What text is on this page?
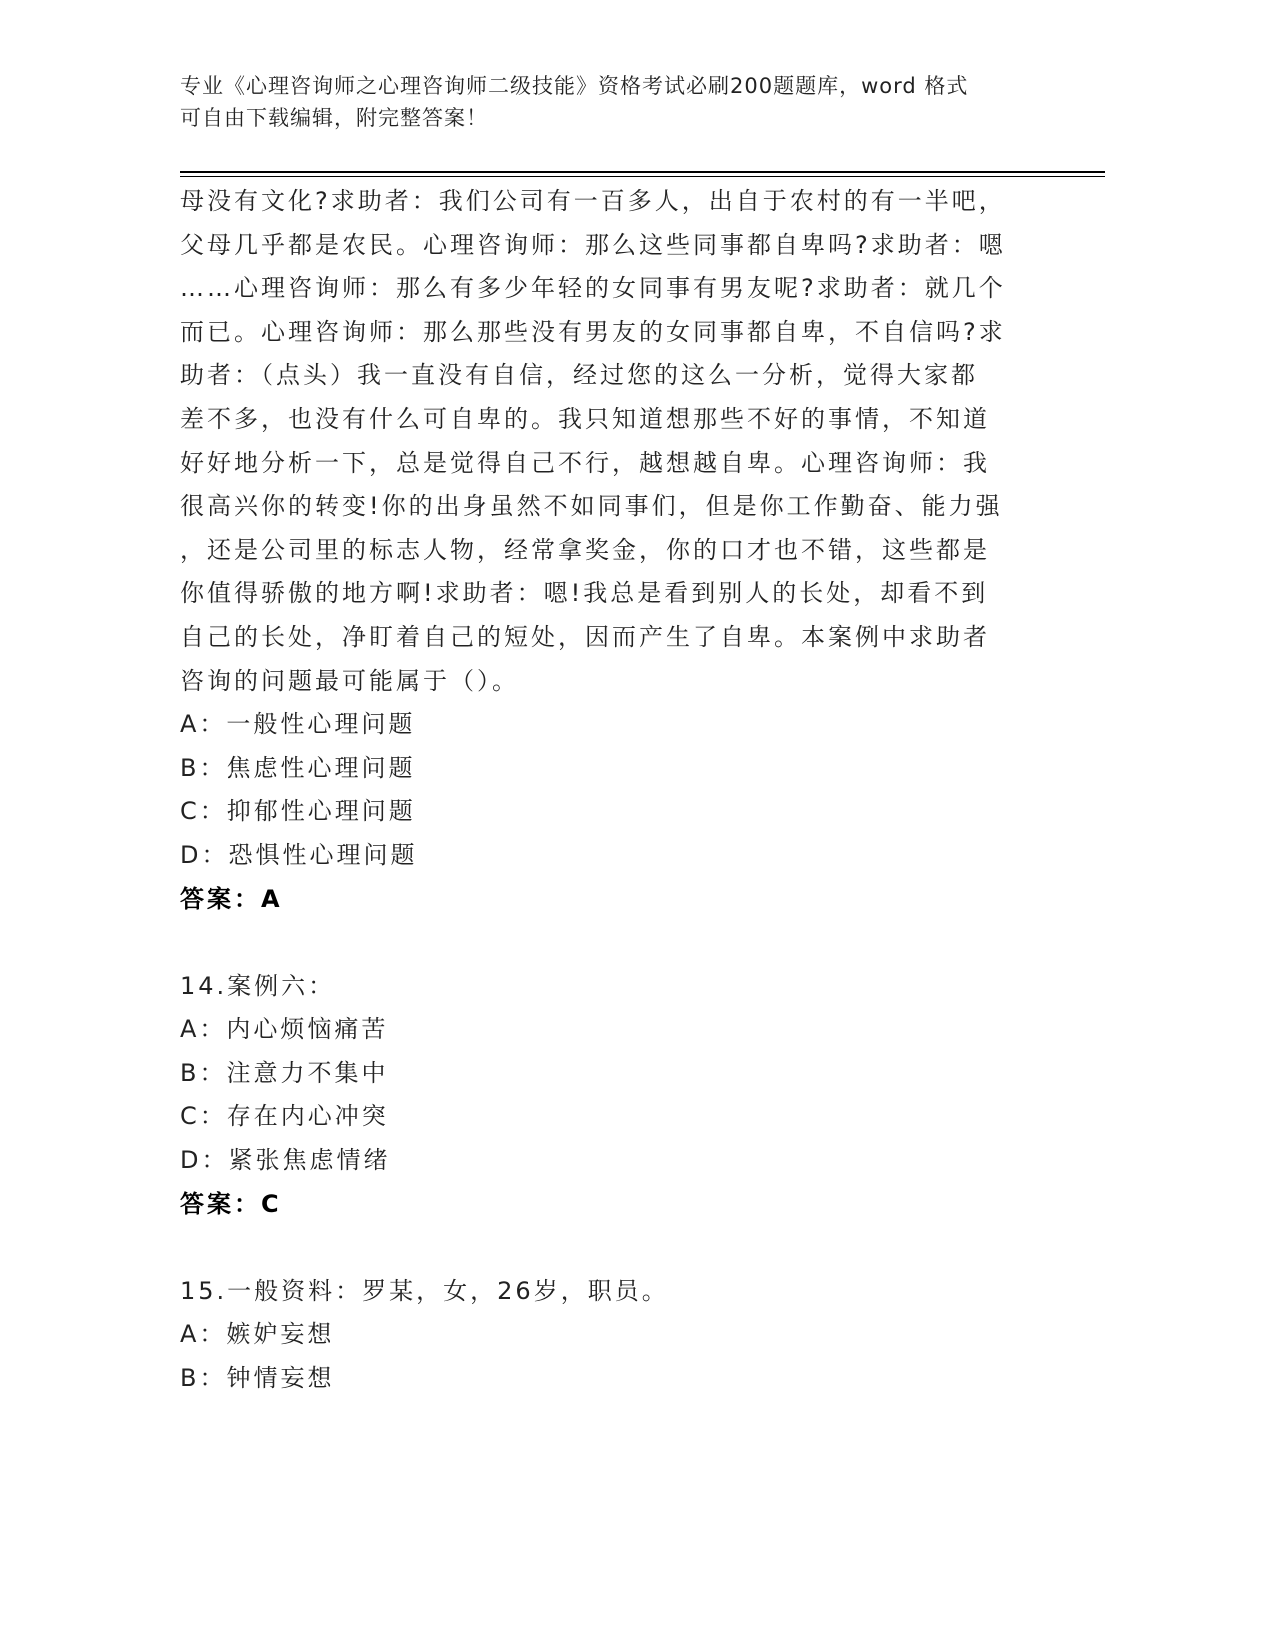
专业《心理咨询师之心理咨询师二级技能》资格考试必刷200题题库，word 格式
可自由下载编辑，附完整答案！
母没有文化?求助者：我们公司有一百多人，出自于农村的有一半吧，
父母几乎都是农民。心理咨询师：那么这些同事都自卑吗?求助者：嗯
……心理咨询师：那么有多少年轻的女同事有男友呢?求助者：就几个
而已。心理咨询师：那么那些没有男友的女同事都自卑，不自信吗?求
助者：（点头）我一直没有自信，经过您的这么一分析，觉得大家都
差不多，也没有什么可自卑的。我只知道想那些不好的事情，不知道
好好地分析一下，总是觉得自己不行，越想越自卑。心理咨询师：我
很高兴你的转变!你的出身虽然不如同事们，但是你工作勤奋、能力强
，还是公司里的标志人物，经常拿奖金，你的口才也不错，这些都是
你值得骄傲的地方啊!求助者：嗯!我总是看到别人的长处，却看不到
自己的长处，净盯着自己的短处，因而产生了自卑。本案例中求助者
咨询的问题最可能属于（）。
A：一般性心理问题
B：焦虑性心理问题
C：抑郁性心理问题
D：恐惧性心理问题
答案：A
14.案例六：
A：内心烦恼痛苦
B：注意力不集中
C：存在内心冲突
D：紧张焦虑情绪
答案：C
15.一般资料：罗某，女，26岁，职员。
A：嫉妒妄想
B：钟情妄想
